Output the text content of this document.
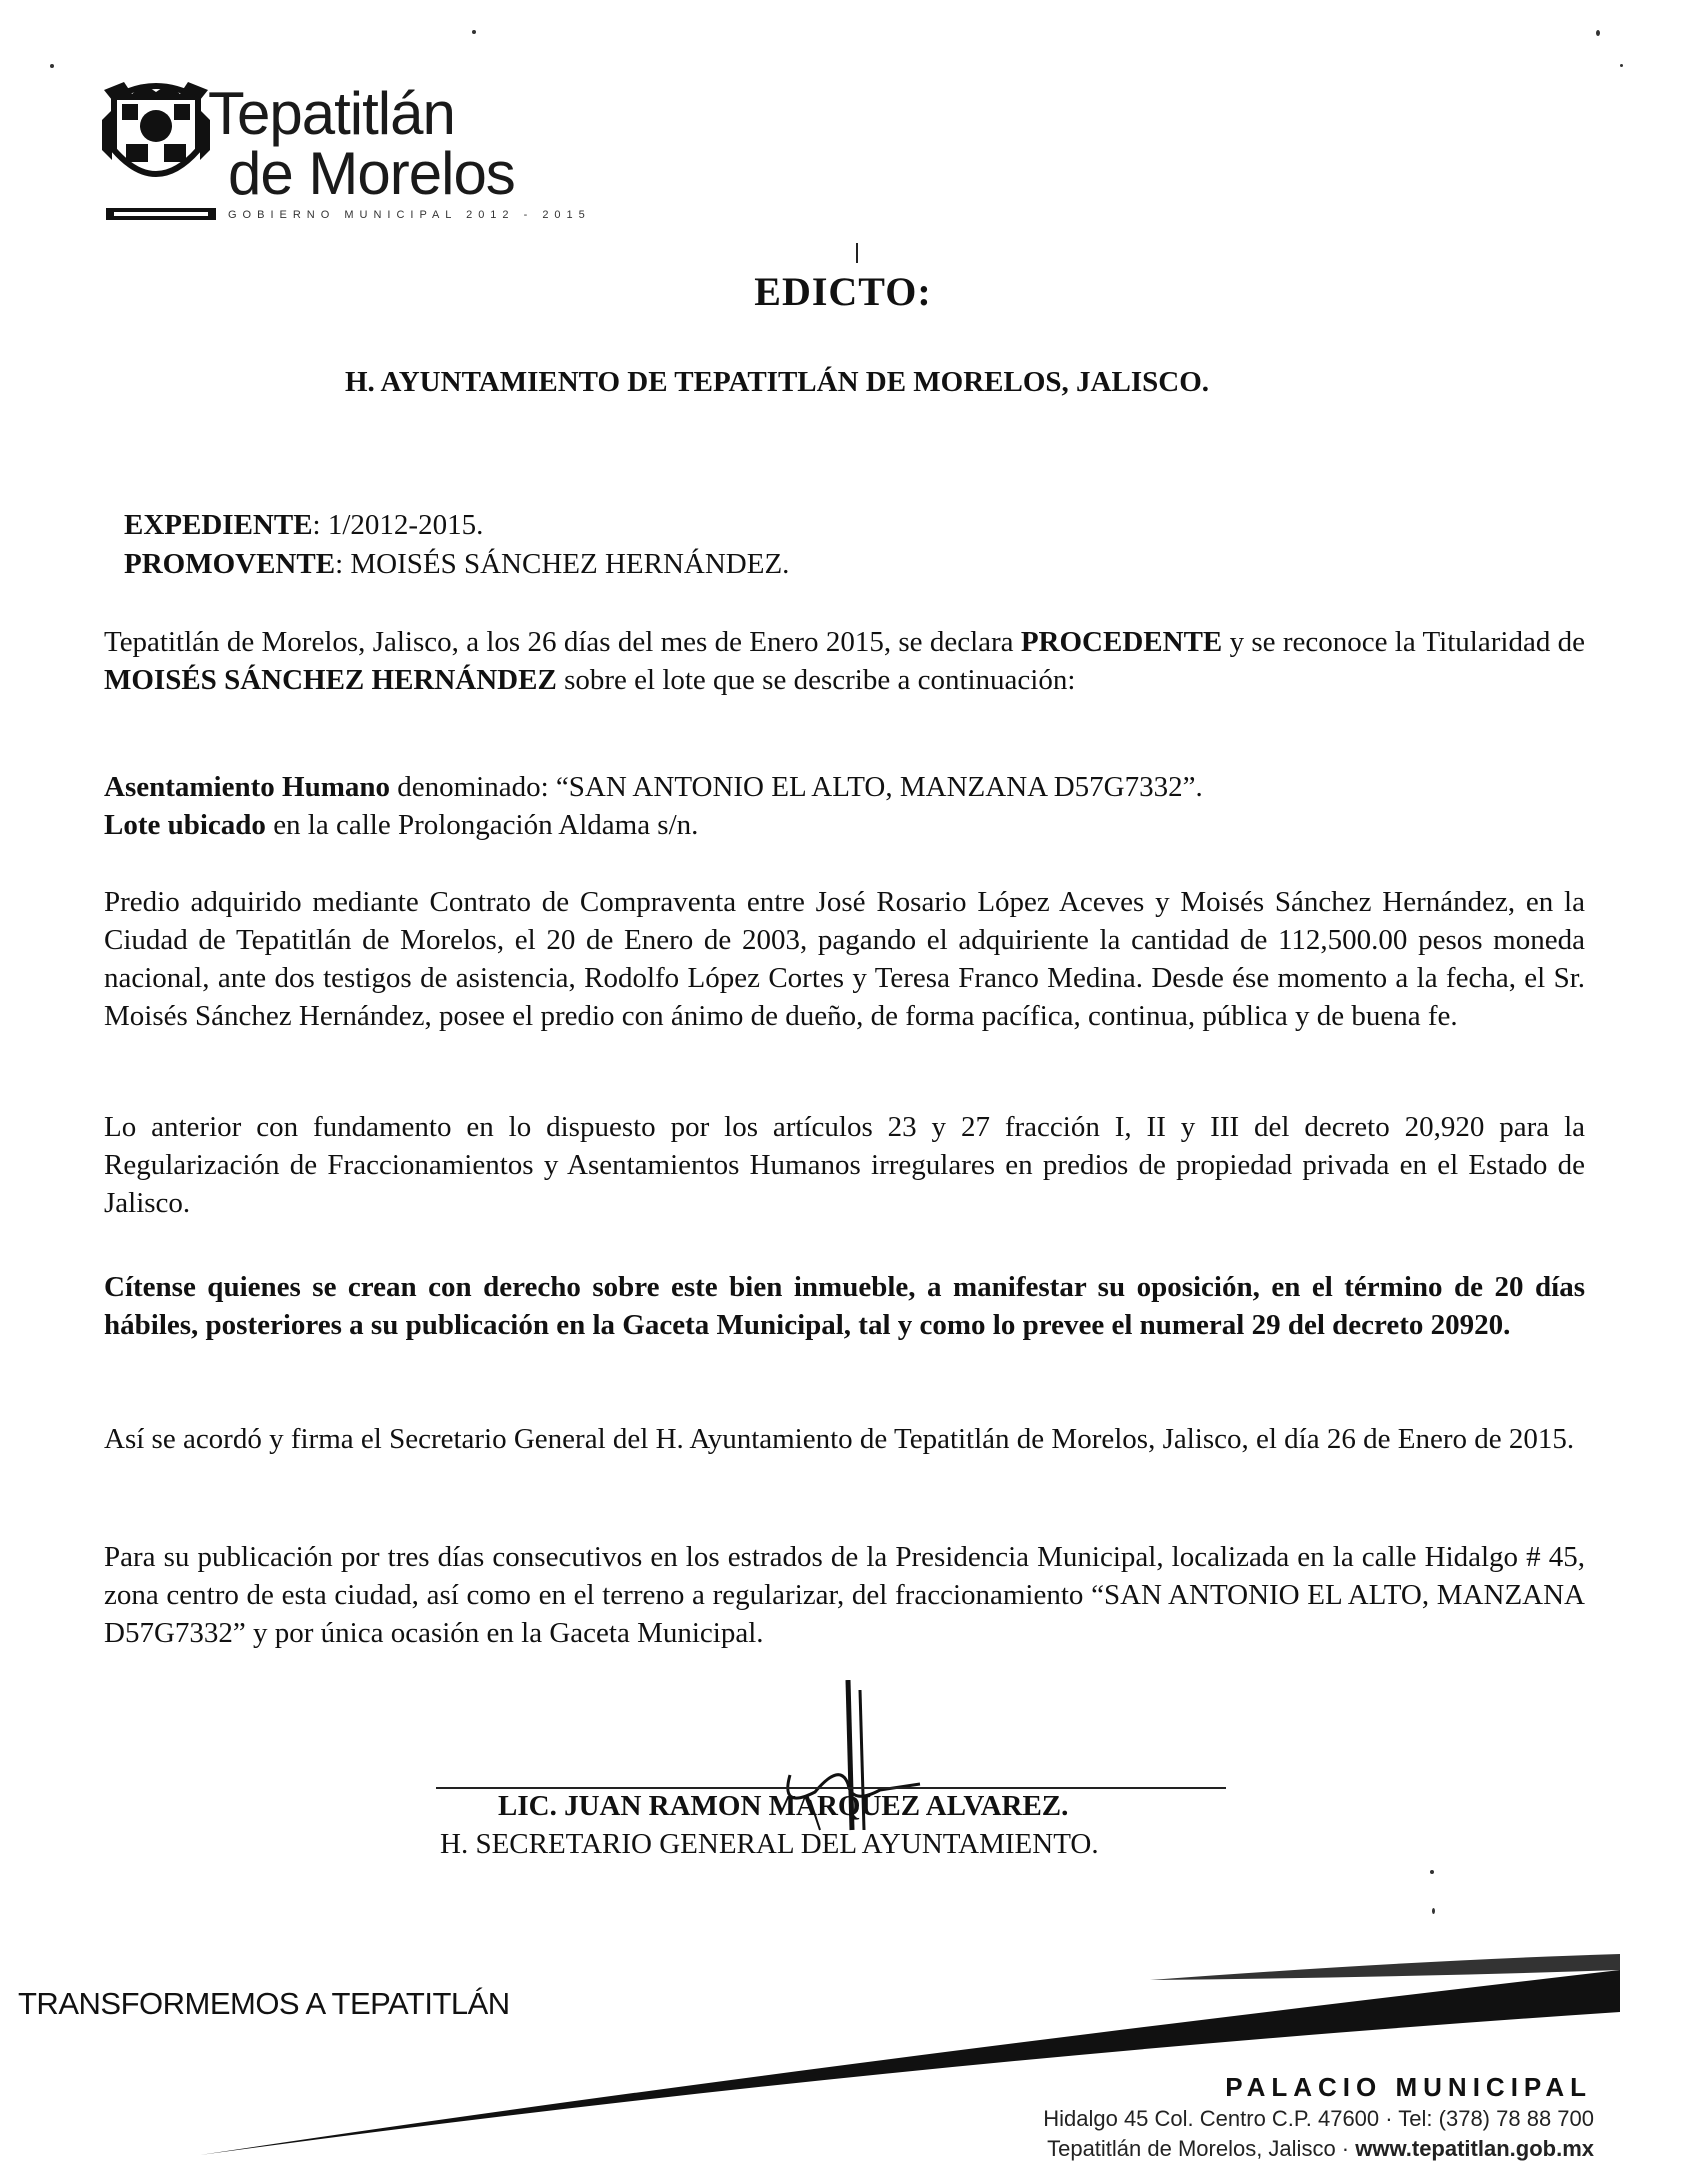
Tepatitlán
de Morelos
GOBIERNO MUNICIPAL 2012 - 2015
EDICTO:
H. AYUNTAMIENTO DE TEPATITLÁN DE MORELOS, JALISCO.
EXPEDIENTE: 1/2012-2015.
PROMOVENTE: MOISÉS SÁNCHEZ HERNÁNDEZ.
Tepatitlán de Morelos, Jalisco, a los 26 días del mes de Enero 2015, se declara PROCEDENTE y se reconoce la Titularidad de MOISÉS SÁNCHEZ HERNÁNDEZ sobre el lote que se describe a continuación:
Asentamiento Humano denominado: “SAN ANTONIO EL ALTO, MANZANA D57G7332”.
Lote ubicado en la calle Prolongación Aldama s/n.
Predio adquirido mediante Contrato de Compraventa entre José Rosario López Aceves y Moisés Sánchez Hernández, en la Ciudad de Tepatitlán de Morelos, el 20 de Enero de 2003, pagando el adquiriente la cantidad de 112,500.00 pesos moneda nacional, ante dos testigos de asistencia, Rodolfo López Cortes y Teresa Franco Medina. Desde ése momento a la fecha, el Sr. Moisés Sánchez Hernández, posee el predio con ánimo de dueño, de forma pacífica, continua, pública y de buena fe.
Lo anterior con fundamento en lo dispuesto por los artículos 23 y 27 fracción I, II y III del decreto 20,920 para la Regularización de Fraccionamientos y Asentamientos Humanos irregulares en predios de propiedad privada en el Estado de Jalisco.
Cítense quienes se crean con derecho sobre este bien inmueble, a manifestar su oposición, en el término de 20 días hábiles, posteriores a su publicación en la Gaceta Municipal, tal y como lo prevee el numeral 29 del decreto 20920.
Así se acordó y firma el Secretario General del H. Ayuntamiento de Tepatitlán de Morelos, Jalisco, el día 26 de Enero de 2015.
Para su publicación por tres días consecutivos en los estrados de la Presidencia Municipal, localizada en la calle Hidalgo # 45, zona centro de esta ciudad, así como en el terreno a regularizar, del fraccionamiento “SAN ANTONIO EL ALTO, MANZANA D57G7332” y por única ocasión en la Gaceta Municipal.
LIC. JUAN RAMON MARQUEZ ALVAREZ.
H. SECRETARIO GENERAL DEL AYUNTAMIENTO.
TRANSFORMEMOS A TEPATITLÁN
PALACIO MUNICIPAL
Hidalgo 45 Col. Centro C.P. 47600 · Tel: (378) 78 88 700
Tepatitlán de Morelos, Jalisco · www.tepatitlan.gob.mx
